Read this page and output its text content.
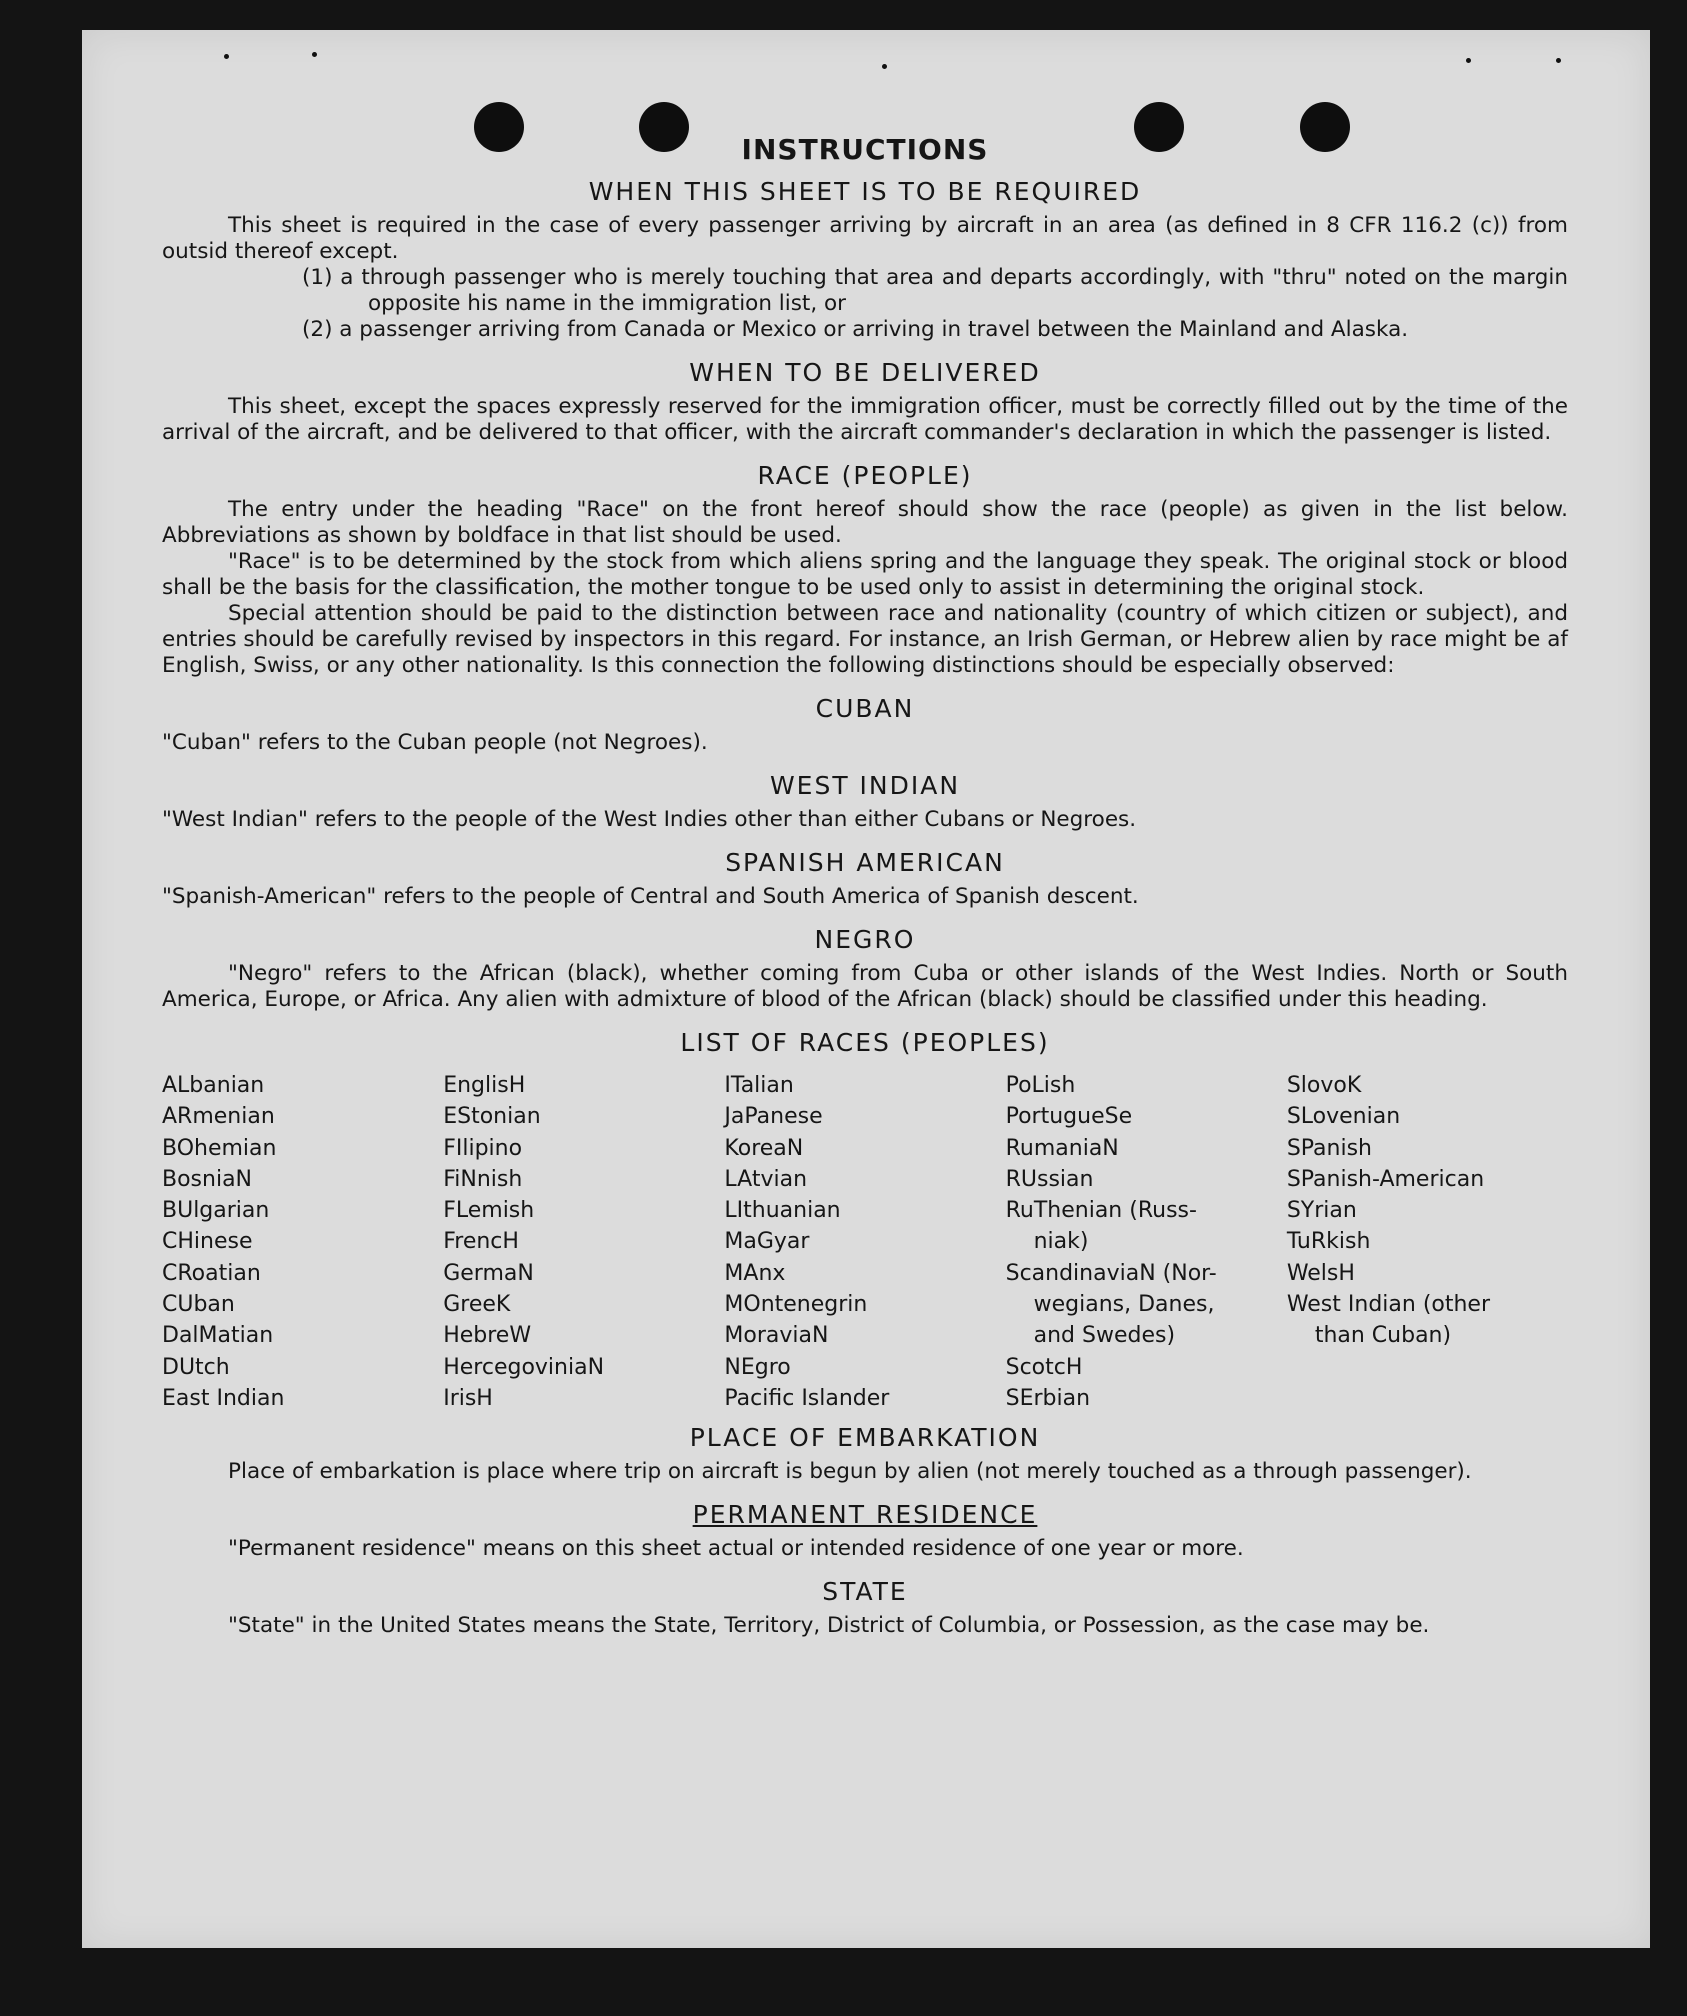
INSTRUCTIONS
WHEN THIS SHEET IS TO BE REQUIRED

This sheet is required in the case of every passenger arriving by aircraft in an area (as defined in 8 CFR 116.2 (c)) from outsid thereof except.

(1) a through passenger who is merely touching that area and departs accordingly, with "thru" noted on the margin opposite his name in the immigration list, or

(2) a passenger arriving from Canada or Mexico or arriving in travel between the Mainland and Alaska.

WHEN TO BE DELIVERED

This sheet, except the spaces expressly reserved for the immigration officer, must be correctly filled out by the time of the arrival of the aircraft, and be delivered to that officer, with the aircraft commander's declaration in which the passenger is listed.

RACE (PEOPLE)

The entry under the heading "Race" on the front hereof should show the race (people) as given in the list below. Abbreviations as shown by boldface in that list should be used.

"Race" is to be determined by the stock from which aliens spring and the language they speak. The original stock or blood shall be the basis for the classification, the mother tongue to be used only to assist in determining the original stock.

Special attention should be paid to the distinction between race and nationality (country of which citizen or subject), and entries should be carefully revised by inspectors in this regard. For instance, an Irish German, or Hebrew alien by race might be af English, Swiss, or any other nationality. Is this connection the following distinctions should be especially observed:

CUBAN

"Cuban" refers to the Cuban people (not Negroes).

WEST INDIAN

"West Indian" refers to the people of the West Indies other than either Cubans or Negroes.

SPANISH AMERICAN

"Spanish-American" refers to the people of Central and South America of Spanish descent.

NEGRO

"Negro" refers to the African (black), whether coming from Cuba or other islands of the West Indies. North or South America, Europe, or Africa. Any alien with admixture of blood of the African (black) should be classified under this heading.

LIST OF RACES (PEOPLES)
ALbanian
ARmenian
BOhemian
BosniaN
BUlgarian
CHinese
CRoatian
CUban
DalMatian
DUtch
East Indian
EnglisH
EStonian
FIlipino
FiNnish
FLemish
FrencH
GermaN
GreeK
HebreW
HercegoviniaN
IrisH
ITalian
JaPanese
KoreaN
LAtvian
LIthuanian
MaGyar
MAnx
MOntenegrin
MoraviaN
NEgro
Pacific Islander
PoLish
PortugueSe
RumaniaN
RUssian
RuThenian (Russ-
niak)
ScandinaviaN (Nor-
wegians, Danes,
and Swedes)
ScotcH
SErbian
SlovoK
SLovenian
SPanish
SPanish-American
SYrian
TuRkish
WelsH
West Indian (other
than Cuban)
PLACE OF EMBARKATION

Place of embarkation is place where trip on aircraft is begun by alien (not merely touched as a through passenger).

PERMANENT RESIDENCE

"Permanent residence" means on this sheet actual or intended residence of one year or more.

STATE

"State" in the United States means the State, Territory, District of Columbia, or Possession, as the case may be.
